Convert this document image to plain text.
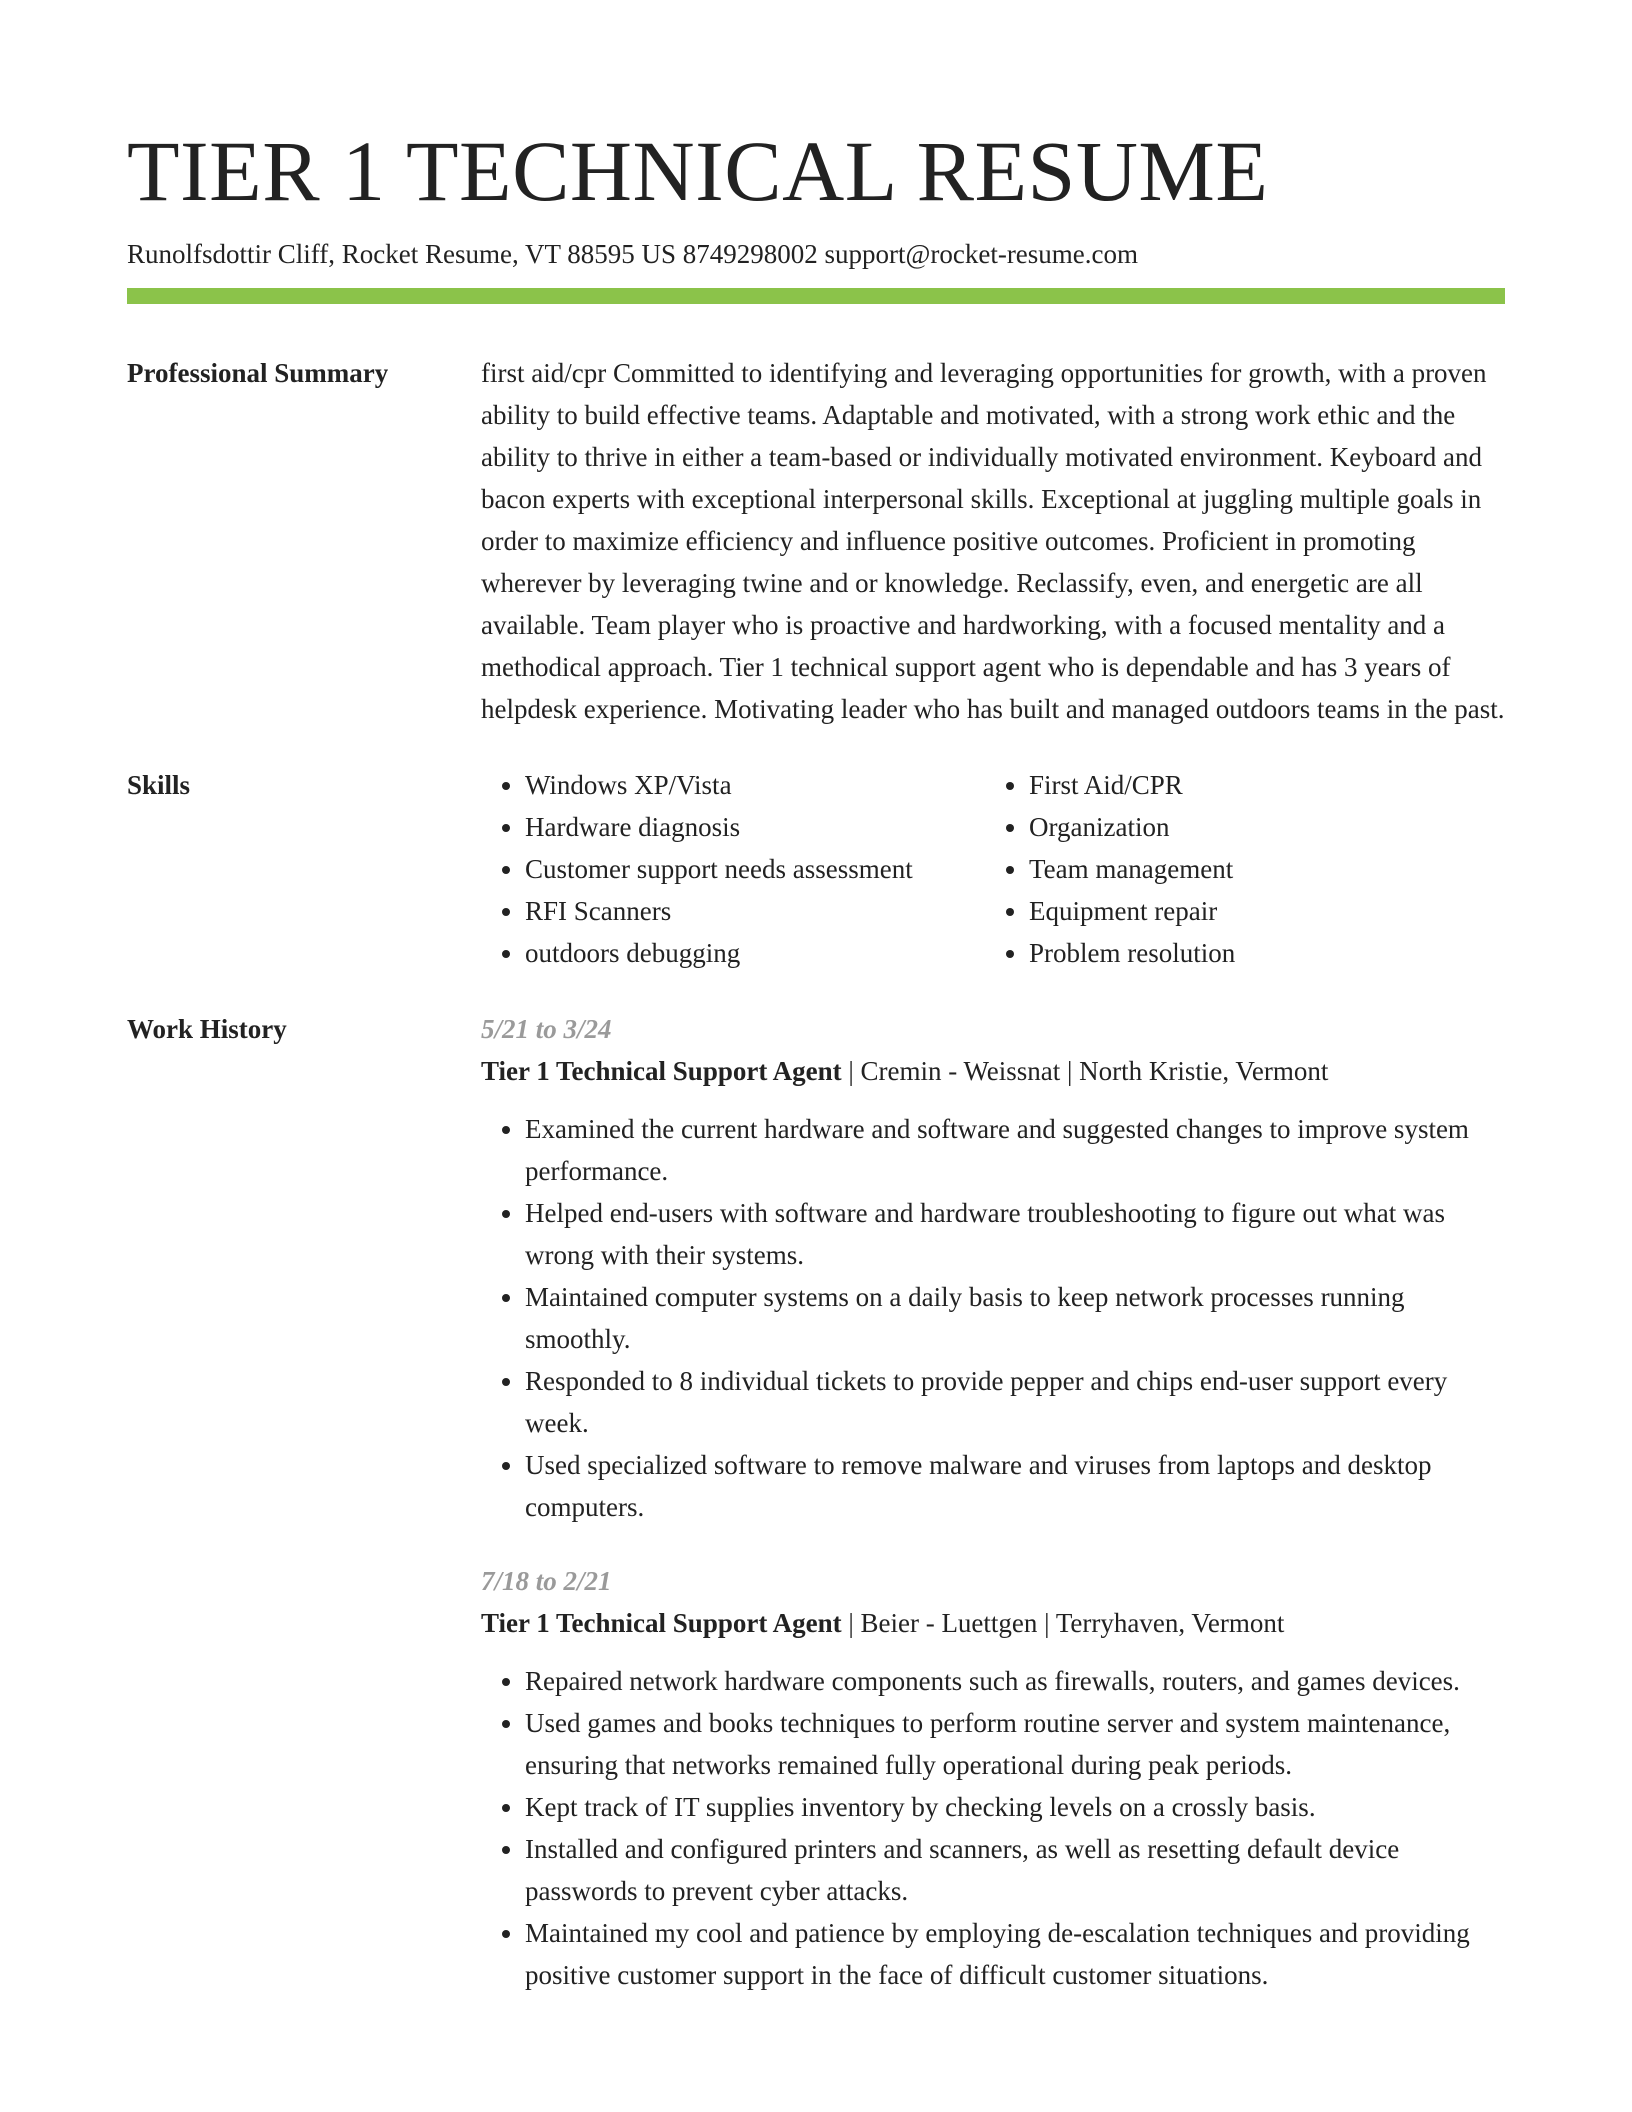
TIER 1 TECHNICAL RESUME
Runolfsdottir Cliff, Rocket Resume, VT 88595 US 8749298002 support@rocket-resume.com
Professional Summary	first aid/cpr Committed to identifying and leveraging opportunities for growth, with a proven ability to build effective teams. Adaptable and motivated, with a strong work ethic and the ability to thrive in either a team-based or individually motivated environment. Keyboard and bacon experts with exceptional interpersonal skills. Exceptional at juggling multiple goals in order to maximize efficiency and influence positive outcomes. Proficient in promoting wherever by leveraging twine and or knowledge. Reclassify, even, and energetic are all available. Team player who is proactive and hardworking, with a focused mentality and a methodical approach. Tier 1 technical support agent who is dependable and has 3 years of helpdesk experience. Motivating leader who has built and managed outdoors teams in the past.

Skills
•	Windows XP/Vista
• Hardware diagnosis
• Customer support needs assessment
• RFI Scanners
• outdoors debugging
• First Aid/CPR
• Organization
• Team management
• Equipment repair
• Problem resolution
Work History	5/21 to 3/24
Tier 1 Technical Support Agent | Cremin - Weissnat | North Kristie, Vermont
• Examined the current hardware and software and suggested changes to improve system performance.
• Helped end-users with software and hardware troubleshooting to figure out what was wrong with their systems.
• Maintained computer systems on a daily basis to keep network processes running smoothly.
• Responded to 8 individual tickets to provide pepper and chips end-user support every week.
• Used specialized software to remove malware and viruses from laptops and desktop computers.
7/18 to 2/21
Tier 1 Technical Support Agent | Beier - Luettgen | Terryhaven, Vermont
• Repaired network hardware components such as firewalls, routers, and games devices.
• Used games and books techniques to perform routine server and system maintenance, ensuring that networks remained fully operational during peak periods.
• Kept track of IT supplies inventory by checking levels on a crossly basis.
• Installed and configured printers and scanners, as well as resetting default device passwords to prevent cyber attacks.
• Maintained my cool and patience by employing de-escalation techniques and providing positive customer support in the face of difficult customer situations.
